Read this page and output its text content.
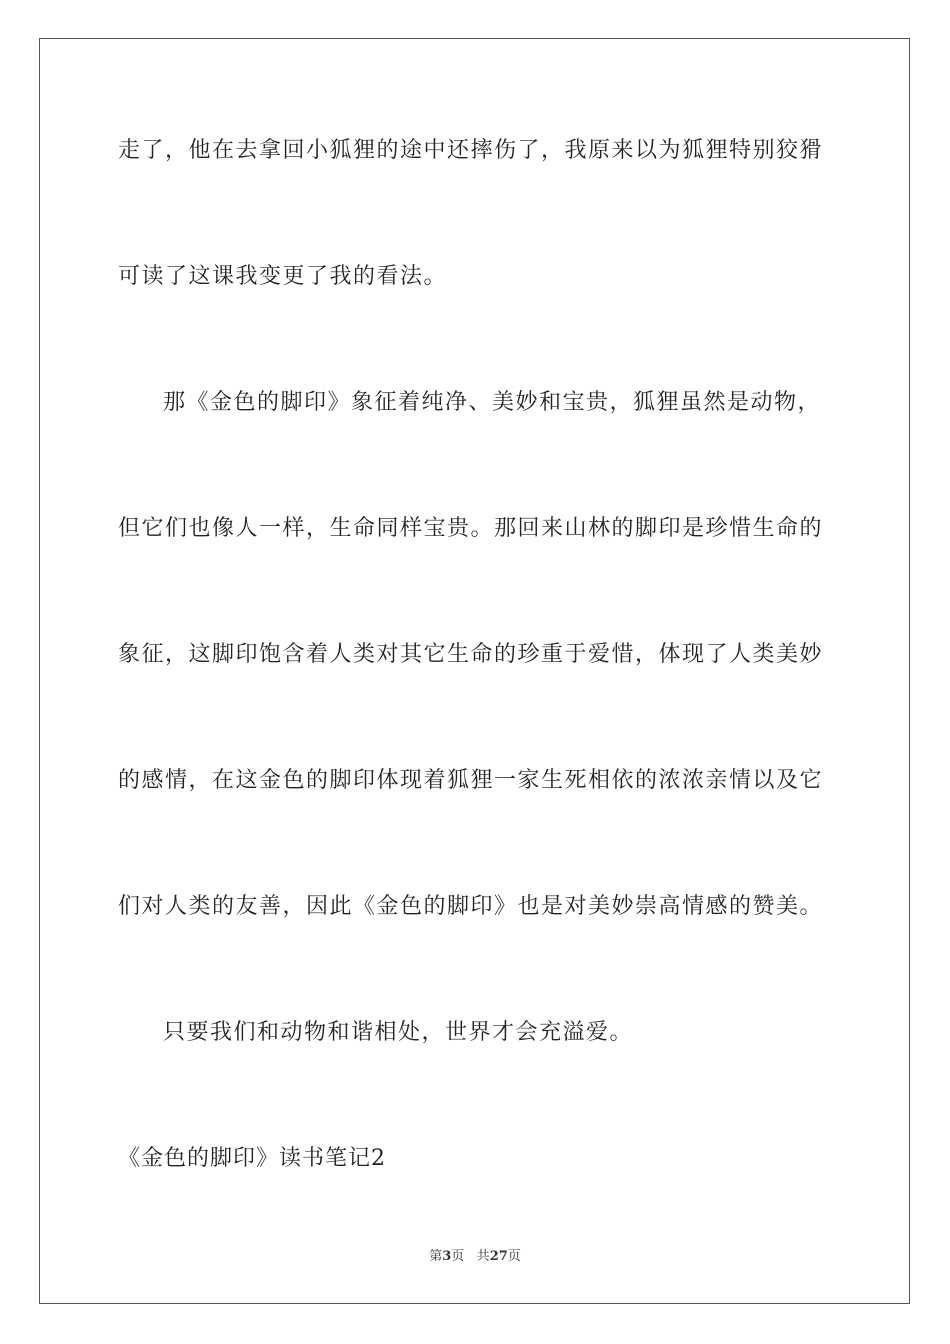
走了，他在去拿回小狐狸的途中还摔伤了，我原来以为狐狸特别狡猾
可读了这课我变更了我的看法。
那《金色的脚印》象征着纯净、美妙和宝贵，狐狸虽然是动物，
但它们也像人一样，生命同样宝贵。那回来山林的脚印是珍惜生命的
象征，这脚印饱含着人类对其它生命的珍重于爱惜，体现了人类美妙
的感情，在这金色的脚印体现着狐狸一家生死相依的浓浓亲情以及它
们对人类的友善，因此《金色的脚印》也是对美妙崇高情感的赞美。
只要我们和动物和谐相处，世界才会充溢爱。
《金色的脚印》读书笔记2
第3页 共27页
